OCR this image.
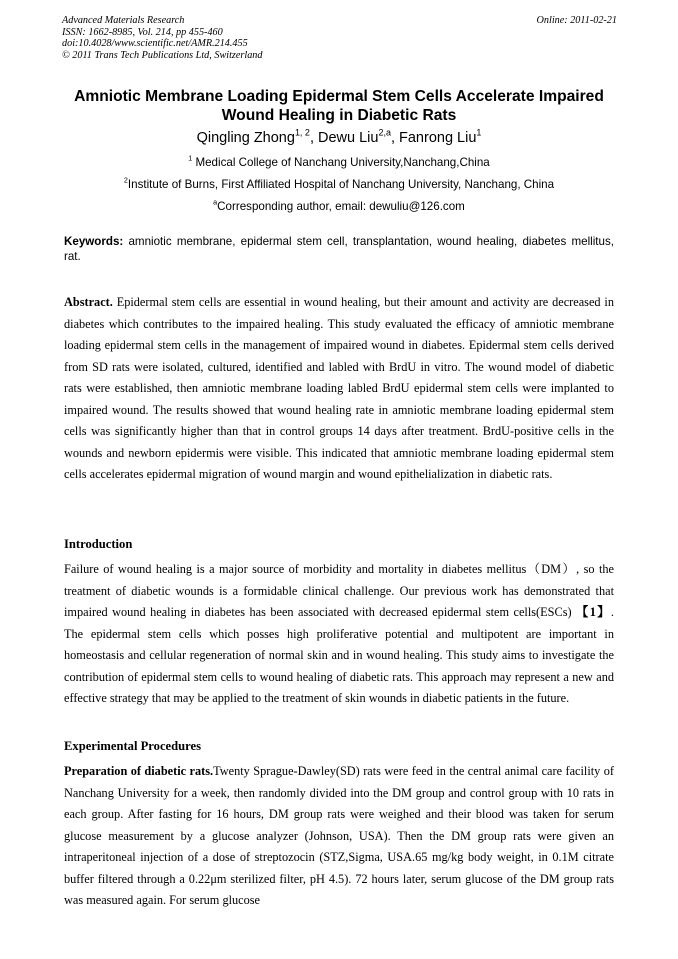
Advanced Materials Research
ISSN: 1662-8985, Vol. 214, pp 455-460
doi:10.4028/www.scientific.net/AMR.214.455
© 2011 Trans Tech Publications Ltd, Switzerland
Online: 2011-02-21
Amniotic Membrane Loading Epidermal Stem Cells Accelerate Impaired
Wound Healing in Diabetic Rats
Qingling Zhong$^{1, 2}$, Dewu Liu$^{2,a}$, Fanrong Liu$^1$
$^1$ Medical College of Nanchang University,Nanchang,China
$^2$Institute of Burns, First Affiliated Hospital of Nanchang University, Nanchang, China
$^a$Corresponding author, email: dewuliu@126.com
Keywords: amniotic membrane, epidermal stem cell, transplantation, wound healing, diabetes mellitus, rat.

Abstract. Epidermal stem cells are essential in wound healing, but their amount and activity are decreased in diabetes which contributes to the impaired healing. This study evaluated the efficacy of amniotic membrane loading epidermal stem cells in the management of impaired wound in diabetes. Epidermal stem cells derived from SD rats were isolated, cultured, identified and labled with BrdU in vitro. The wound model of diabetic rats were established, then amniotic membrane loading labled BrdU epidermal stem cells were implanted to impaired wound. The results showed that wound healing rate in amniotic membrane loading epidermal stem cells was significantly higher than that in control groups 14 days after treatment. BrdU-positive cells in the wounds and newborn epidermis were visible. This indicated that amniotic membrane loading epidermal stem cells accelerates epidermal migration of wound margin and wound epithelialization in diabetic rats.

Introduction

Failure of wound healing is a major source of morbidity and mortality in diabetes mellitus（DM）, so the treatment of diabetic wounds is a formidable clinical challenge. Our previous work has demonstrated that impaired wound healing in diabetes has been associated with decreased epidermal stem cells(ESCs) 【1】. The epidermal stem cells which posses high proliferative potential and multipotent are important in homeostasis and cellular regeneration of normal skin and in wound healing. This study aims to investigate the contribution of epidermal stem cells to wound healing of diabetic rats. This approach may represent a new and effective strategy that may be applied to the treatment of skin wounds in diabetic patients in the future.

Experimental Procedures

Preparation of diabetic rats.Twenty Sprague-Dawley(SD) rats were feed in the central animal care facility of Nanchang University for a week, then randomly divided into the DM group and control group with 10 rats in each group. After fasting for 16 hours, DM group rats were weighed and their blood was taken for serum glucose measurement by a glucose analyzer (Johnson, USA). Then the DM group rats were given an intraperitoneal injection of a dose of streptozocin (STZ,Sigma, USA.65 mg/kg body weight, in 0.1M citrate buffer filtered through a 0.22μm sterilized filter, pH 4.5). 72 hours later, serum glucose of the DM group rats was measured again. For serum glucose
